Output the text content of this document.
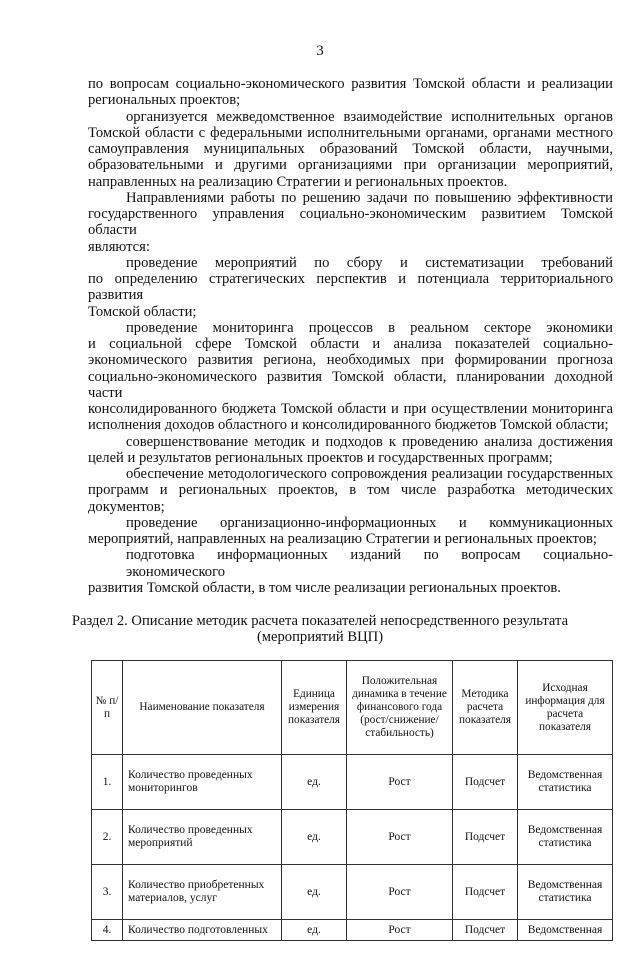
3
по вопросам социально-экономического развития Томской области и реализации
региональных проектов;
организуется межведомственное взаимодействие исполнительных органов
Томской области с федеральными исполнительными органами, органами местного
самоуправления муниципальных образований Томской области, научными,
образовательными и другими организациями при организации мероприятий,
направленных на реализацию Стратегии и региональных проектов.
Направлениями работы по решению задачи по повышению эффективности
государственного управления социально-экономическим развитием Томской области
являются:
проведение мероприятий по сбору и систематизации требований
по определению стратегических перспектив и потенциала территориального развития
Томской области;
проведение мониторинга процессов в реальном секторе экономики
и социальной сфере Томской области и анализа показателей социально-
экономического развития региона, необходимых при формировании прогноза
социально-экономического развития Томской области, планировании доходной части
консолидированного бюджета Томской области и при осуществлении мониторинга
исполнения доходов областного и консолидированного бюджетов Томской области;
совершенствование методик и подходов к проведению анализа достижения
целей и результатов региональных проектов и государственных программ;
обеспечение методологического сопровождения реализации государственных
программ и региональных проектов, в том числе разработка методических
документов;
проведение организационно-информационных и коммуникационных
мероприятий, направленных на реализацию Стратегии и региональных проектов;
подготовка информационных изданий по вопросам социально-экономического
развития Томской области, в том числе реализации региональных проектов.
Раздел 2. Описание методик расчета показателей непосредственного результата
(мероприятий ВЦП)
№ п/п	Наименование показателя	Единица измерения показателя	Положительная динамика в течение финансового года (рост/снижение/ стабильность)	Методика расчета показателя	Исходная информация для расчета показателя
1.	Количество проведенных мониторингов	ед.	Рост	Подсчет	Ведомственная статистика
2.	Количество проведенных мероприятий	ед.	Рост	Подсчет	Ведомственная статистика
3.	Количество приобретенных материалов, услуг	ед.	Рост	Подсчет	Ведомственная статистика
4.	Количество подготовленных	ед.	Рост	Подсчет	Ведомственная
